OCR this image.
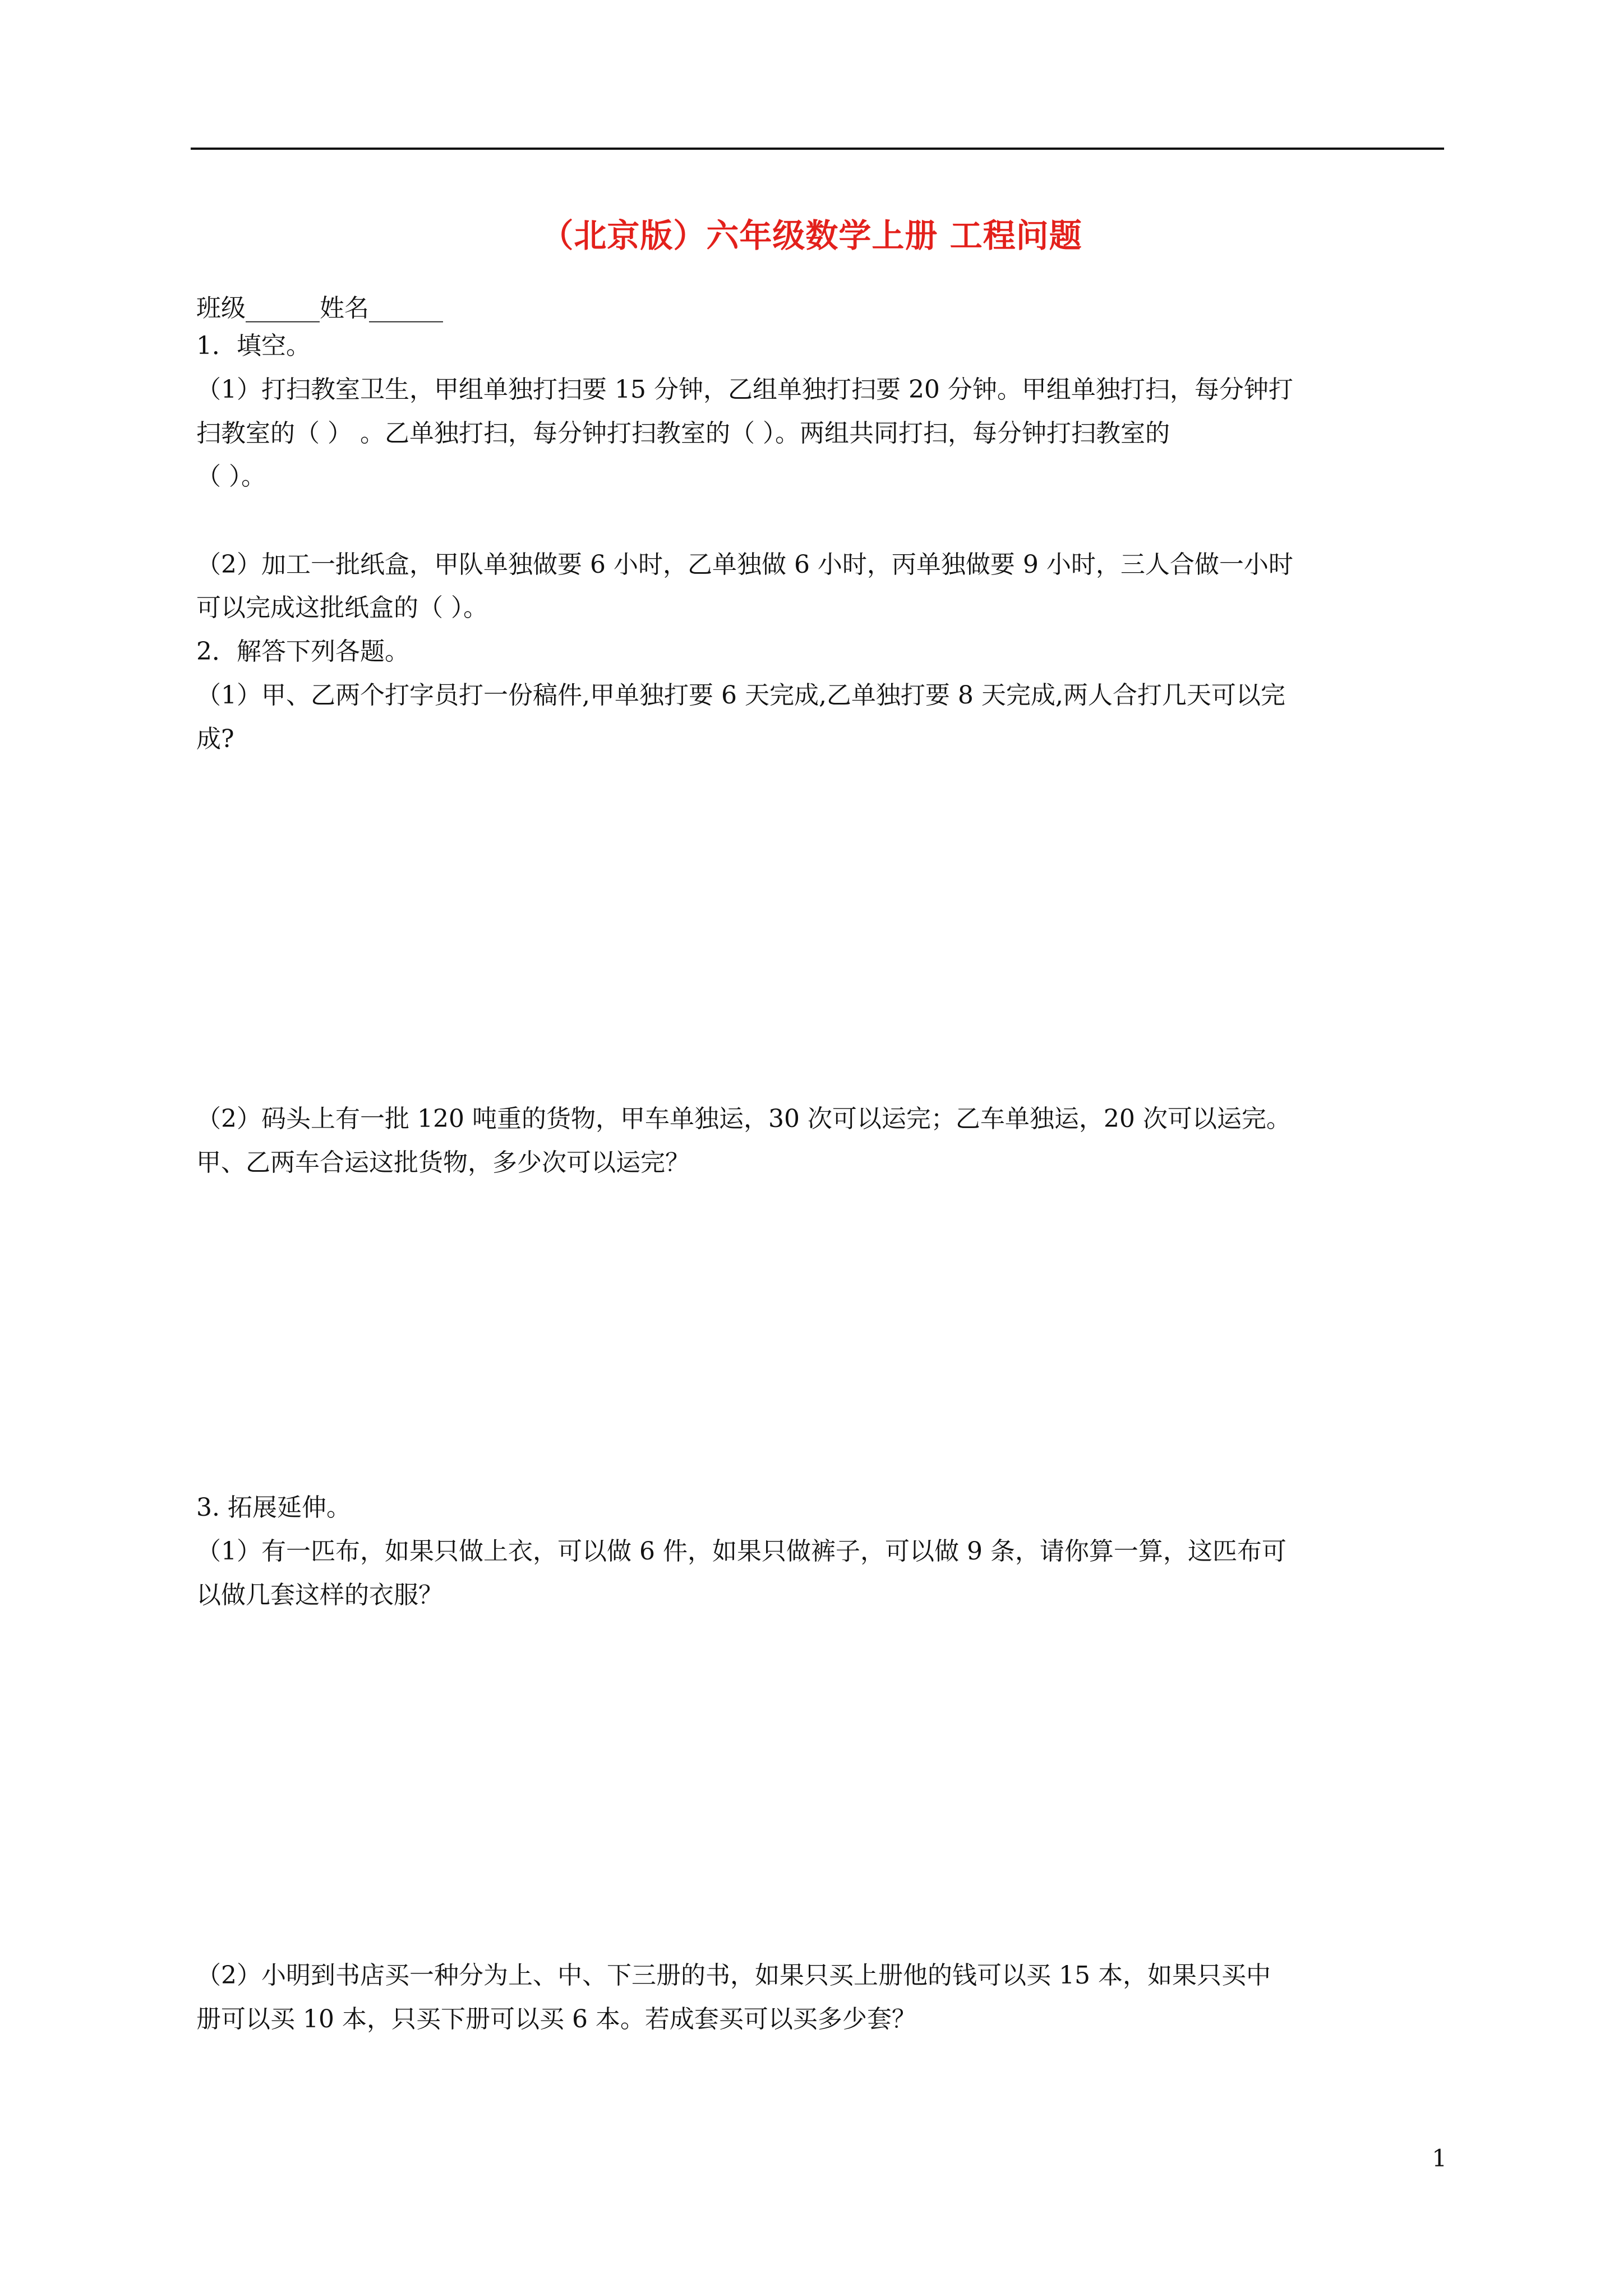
（北京版）六年级数学上册 工程问题

班级______姓名______

1．填空。

（1）打扫教室卫生，甲组单独打扫要 15 分钟，乙组单独打扫要 20 分钟。甲组单独打扫，每分钟打

扫教室的（ ） 。乙单独打扫，每分钟打扫教室的（ ）。两组共同打扫，每分钟打扫教室的

（ ）。

（2）加工一批纸盒，甲队单独做要 6 小时，乙单独做 6 小时，丙单独做要 9 小时，三人合做一小时

可以完成这批纸盒的（ ）。

2．解答下列各题。

（1）甲、乙两个打字员打一份稿件,甲单独打要 6 天完成,乙单独打要 8 天完成,两人合打几天可以完

成?

（2）码头上有一批 120 吨重的货物，甲车单独运，30 次可以运完；乙车单独运，20 次可以运完。

甲、乙两车合运这批货物，多少次可以运完？

3. 拓展延伸。

（1）有一匹布，如果只做上衣，可以做 6 件，如果只做裤子，可以做 9 条，请你算一算，这匹布可

以做几套这样的衣服？

（2）小明到书店买一种分为上、中、下三册的书，如果只买上册他的钱可以买 15 本，如果只买中

册可以买 10 本，只买下册可以买 6 本。若成套买可以买多少套？

1
